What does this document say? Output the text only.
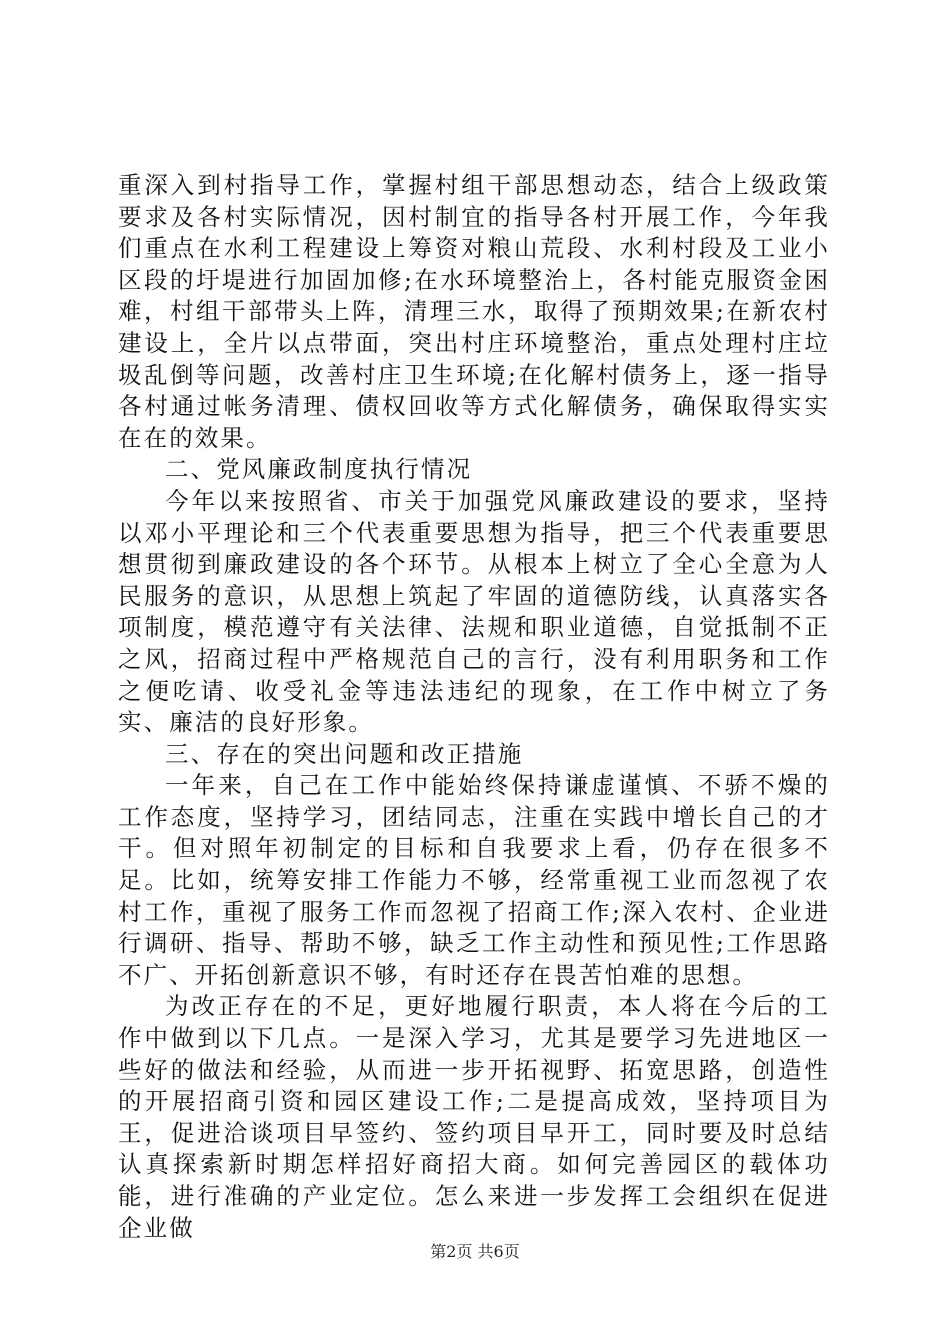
重深入到村指导工作，掌握村组干部思想动态，结合上级政策要求及各村实际情况，因村制宜的指导各村开展工作，今年我们重点在水利工程建设上筹资对粮山荒段、水利村段及工业小区段的圩堤进行加固加修;在水环境整治上，各村能克服资金困难，村组干部带头上阵，清理三水，取得了预期效果;在新农村建设上，全片以点带面，突出村庄环境整治，重点处理村庄垃圾乱倒等问题，改善村庄卫生环境;在化解村债务上，逐一指导各村通过帐务清理、债权回收等方式化解债务，确保取得实实在在的效果。

二、党风廉政制度执行情况

今年以来按照省、市关于加强党风廉政建设的要求，坚持以邓小平理论和三个代表重要思想为指导，把三个代表重要思想贯彻到廉政建设的各个环节。从根本上树立了全心全意为人民服务的意识，从思想上筑起了牢固的道德防线，认真落实各项制度，模范遵守有关法律、法规和职业道德，自觉抵制不正之风，招商过程中严格规范自己的言行，没有利用职务和工作之便吃请、收受礼金等违法违纪的现象，在工作中树立了务实、廉洁的良好形象。

三、存在的突出问题和改正措施

一年来，自己在工作中能始终保持谦虚谨慎、不骄不燥的工作态度，坚持学习，团结同志，注重在实践中增长自己的才干。但对照年初制定的目标和自我要求上看，仍存在很多不足。比如，统筹安排工作能力不够，经常重视工业而忽视了农村工作，重视了服务工作而忽视了招商工作;深入农村、企业进行调研、指导、帮助不够，缺乏工作主动性和预见性;工作思路不广、开拓创新意识不够，有时还存在畏苦怕难的思想。

为改正存在的不足，更好地履行职责，本人将在今后的工作中做到以下几点。一是深入学习，尤其是要学习先进地区一些好的做法和经验，从而进一步开拓视野、拓宽思路，创造性的开展招商引资和园区建设工作;二是提高成效，坚持项目为王，促进洽谈项目早签约、签约项目早开工，同时要及时总结认真探索新时期怎样招好商招大商。如何完善园区的载体功能，进行准确的产业定位。怎么来进一步发挥工会组织在促进企业做

第2页 共6页
